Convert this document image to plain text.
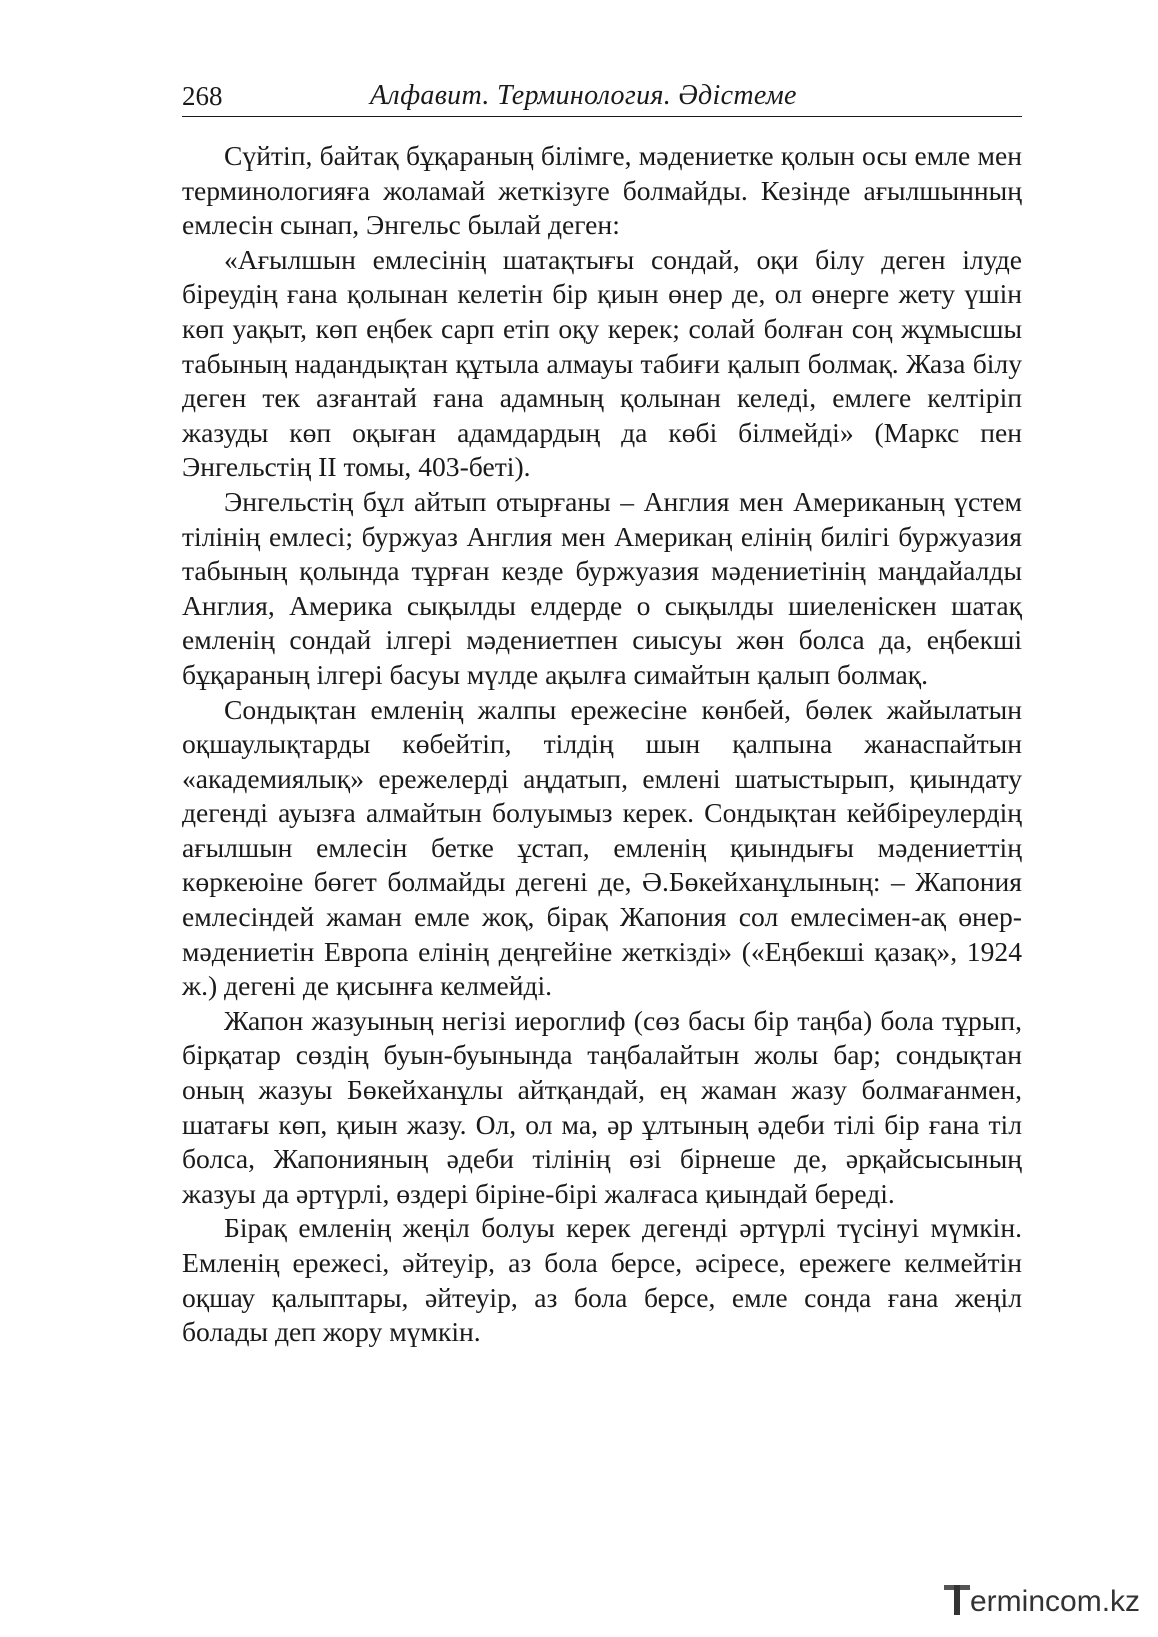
268	Алфавит. Терминология. Әдістеме

Сүйтіп, байтақ бұқараның білімге, мәдениетке қолын осы емле мен терминологияға жоламай жеткізуге болмайды. Кезінде ағылшынның емлесін сынап, Энгельс былай деген:

«Ағылшын емлесінің шатақтығы сондай, оқи білу деген ілуде біреудің ғана қолынан келетін бір қиын өнер де, ол өнерге жету үшін көп уақыт, көп еңбек сарп етіп оқу керек; солай болған соң жұмысшы табының надандықтан құтыла алмауы табиғи қалып болмақ. Жаза білу деген тек азғантай ғана адамның қолынан келеді, емлеге келтіріп жазуды көп оқыған адамдардың да көбі білмейді» (Маркс пен Энгельстің ІІ томы, 403-беті).

Энгельстің бұл айтып отырғаны – Англия мен Американың үстем тілінің емлесі; буржуаз Англия мен Америкаң елінің билігі буржуазия табының қолында тұрған кезде буржуазия мәдениетінің маңдайалды Англия, Америка сықылды елдерде о сықылды шиеленіскен шатақ емленің сондай ілгері мәдениетпен сиысуы жөн болса да, еңбекші бұқараның ілгері басуы мүлде ақылға симайтын қалып болмақ.

Сондықтан емленің жалпы ережесіне көнбей, бөлек жайылатын оқшаулықтарды көбейтіп, тілдің шын қалпына жанаспайтын «академиялық» ережелерді аңдатып, емлені шатыстырып, қиындату дегенді ауызға алмайтын болуымыз керек. Сондықтан кейбіреулердің ағылшын емлесін бетке ұстап, емленің қиындығы мәдениеттің көркеюіне бөгет болмайды дегені де, Ә.Бөкейханұлының: – Жапония емлесіндей жаман емле жоқ, бірақ Жапония сол емлесімен-ақ өнер-мәдениетін Европа елінің деңгейіне жеткізді» («Еңбекші қазақ», 1924 ж.) дегені де қисынға келмейді.

Жапон жазуының негізі иероглиф (сөз басы бір таңба) бола тұрып, бірқатар сөздің буын-буынында таңбалайтын жолы бар; сондықтан оның жазуы Бөкейханұлы айтқандай, ең жаман жазу болмағанмен, шатағы көп, қиын жазу. Ол, ол ма, әр ұлтының әдеби тілі бір ғана тіл болса, Жапонияның әдеби тілінің өзі бірнеше де, әрқайсысының жазуы да әртүрлі, өздері біріне-бірі жалғаса қиындай береді.

Бірақ емленің жеңіл болуы керек дегенді әртүрлі түсінуі мүмкін. Емленің ережесі, әйтеуір, аз бола берсе, әсіресе, ережеге келмейтін оқшау қалыптары, әйтеуір, аз бола берсе, емле сонда ғана жеңіл болады деп жору мүмкін.

ermincom.kz
